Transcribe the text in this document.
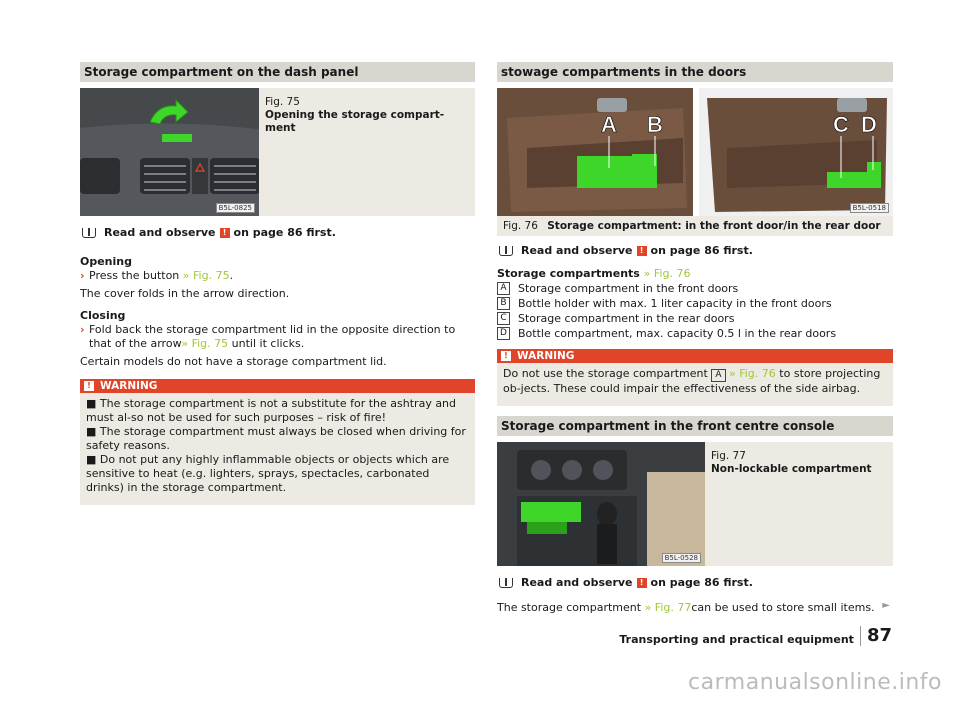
Storage compartment on the dash panel
B5L-0825
Fig. 75
Opening the storage compart-ment
Read and observe ! on page 86 first.

Opening

› Press the button » Fig. 75.

The cover folds in the arrow direction.

Closing

› Fold back the storage compartment lid in the opposite direction to that of the arrow» Fig. 75 until it clicks.

Certain models do not have a storage compartment lid.

! WARNING

■ The storage compartment is not a substitute for the ashtray and must al-so not be used for such purposes – risk of fire!

■ The storage compartment must always be closed when driving for safety reasons.

■ Do not put any highly inflammable objects or objects which are sensitive to heat (e.g. lighters, sprays, spectacles, carbonated drinks) in the storage compartment.

stowage compartments in the doors
A B	C D
B5L-0518
Fig. 76 Storage compartment: in the front door/in the rear door
Read and observe ! on page 86 first.

Storage compartments » Fig. 76

A	Storage compartment in the front doors
B	Bottle holder with max. 1 liter capacity in the front doors
C	Storage compartment in the rear doors
D Bottle compartment, max. capacity 0.5 l in the rear doors
! WARNING

Do not use the storage compartment A » Fig. 76 to store projecting ob-jects. These could impair the effectiveness of the side airbag.

Storage compartment in the front centre console
B5L-0528
Fig. 77
Non-lockable compartment
Read and observe ! on page 86 first.

The storage compartment » Fig. 77can be used to store small items. ►
Transporting and practical equipment 87
carmanualsonline.info
